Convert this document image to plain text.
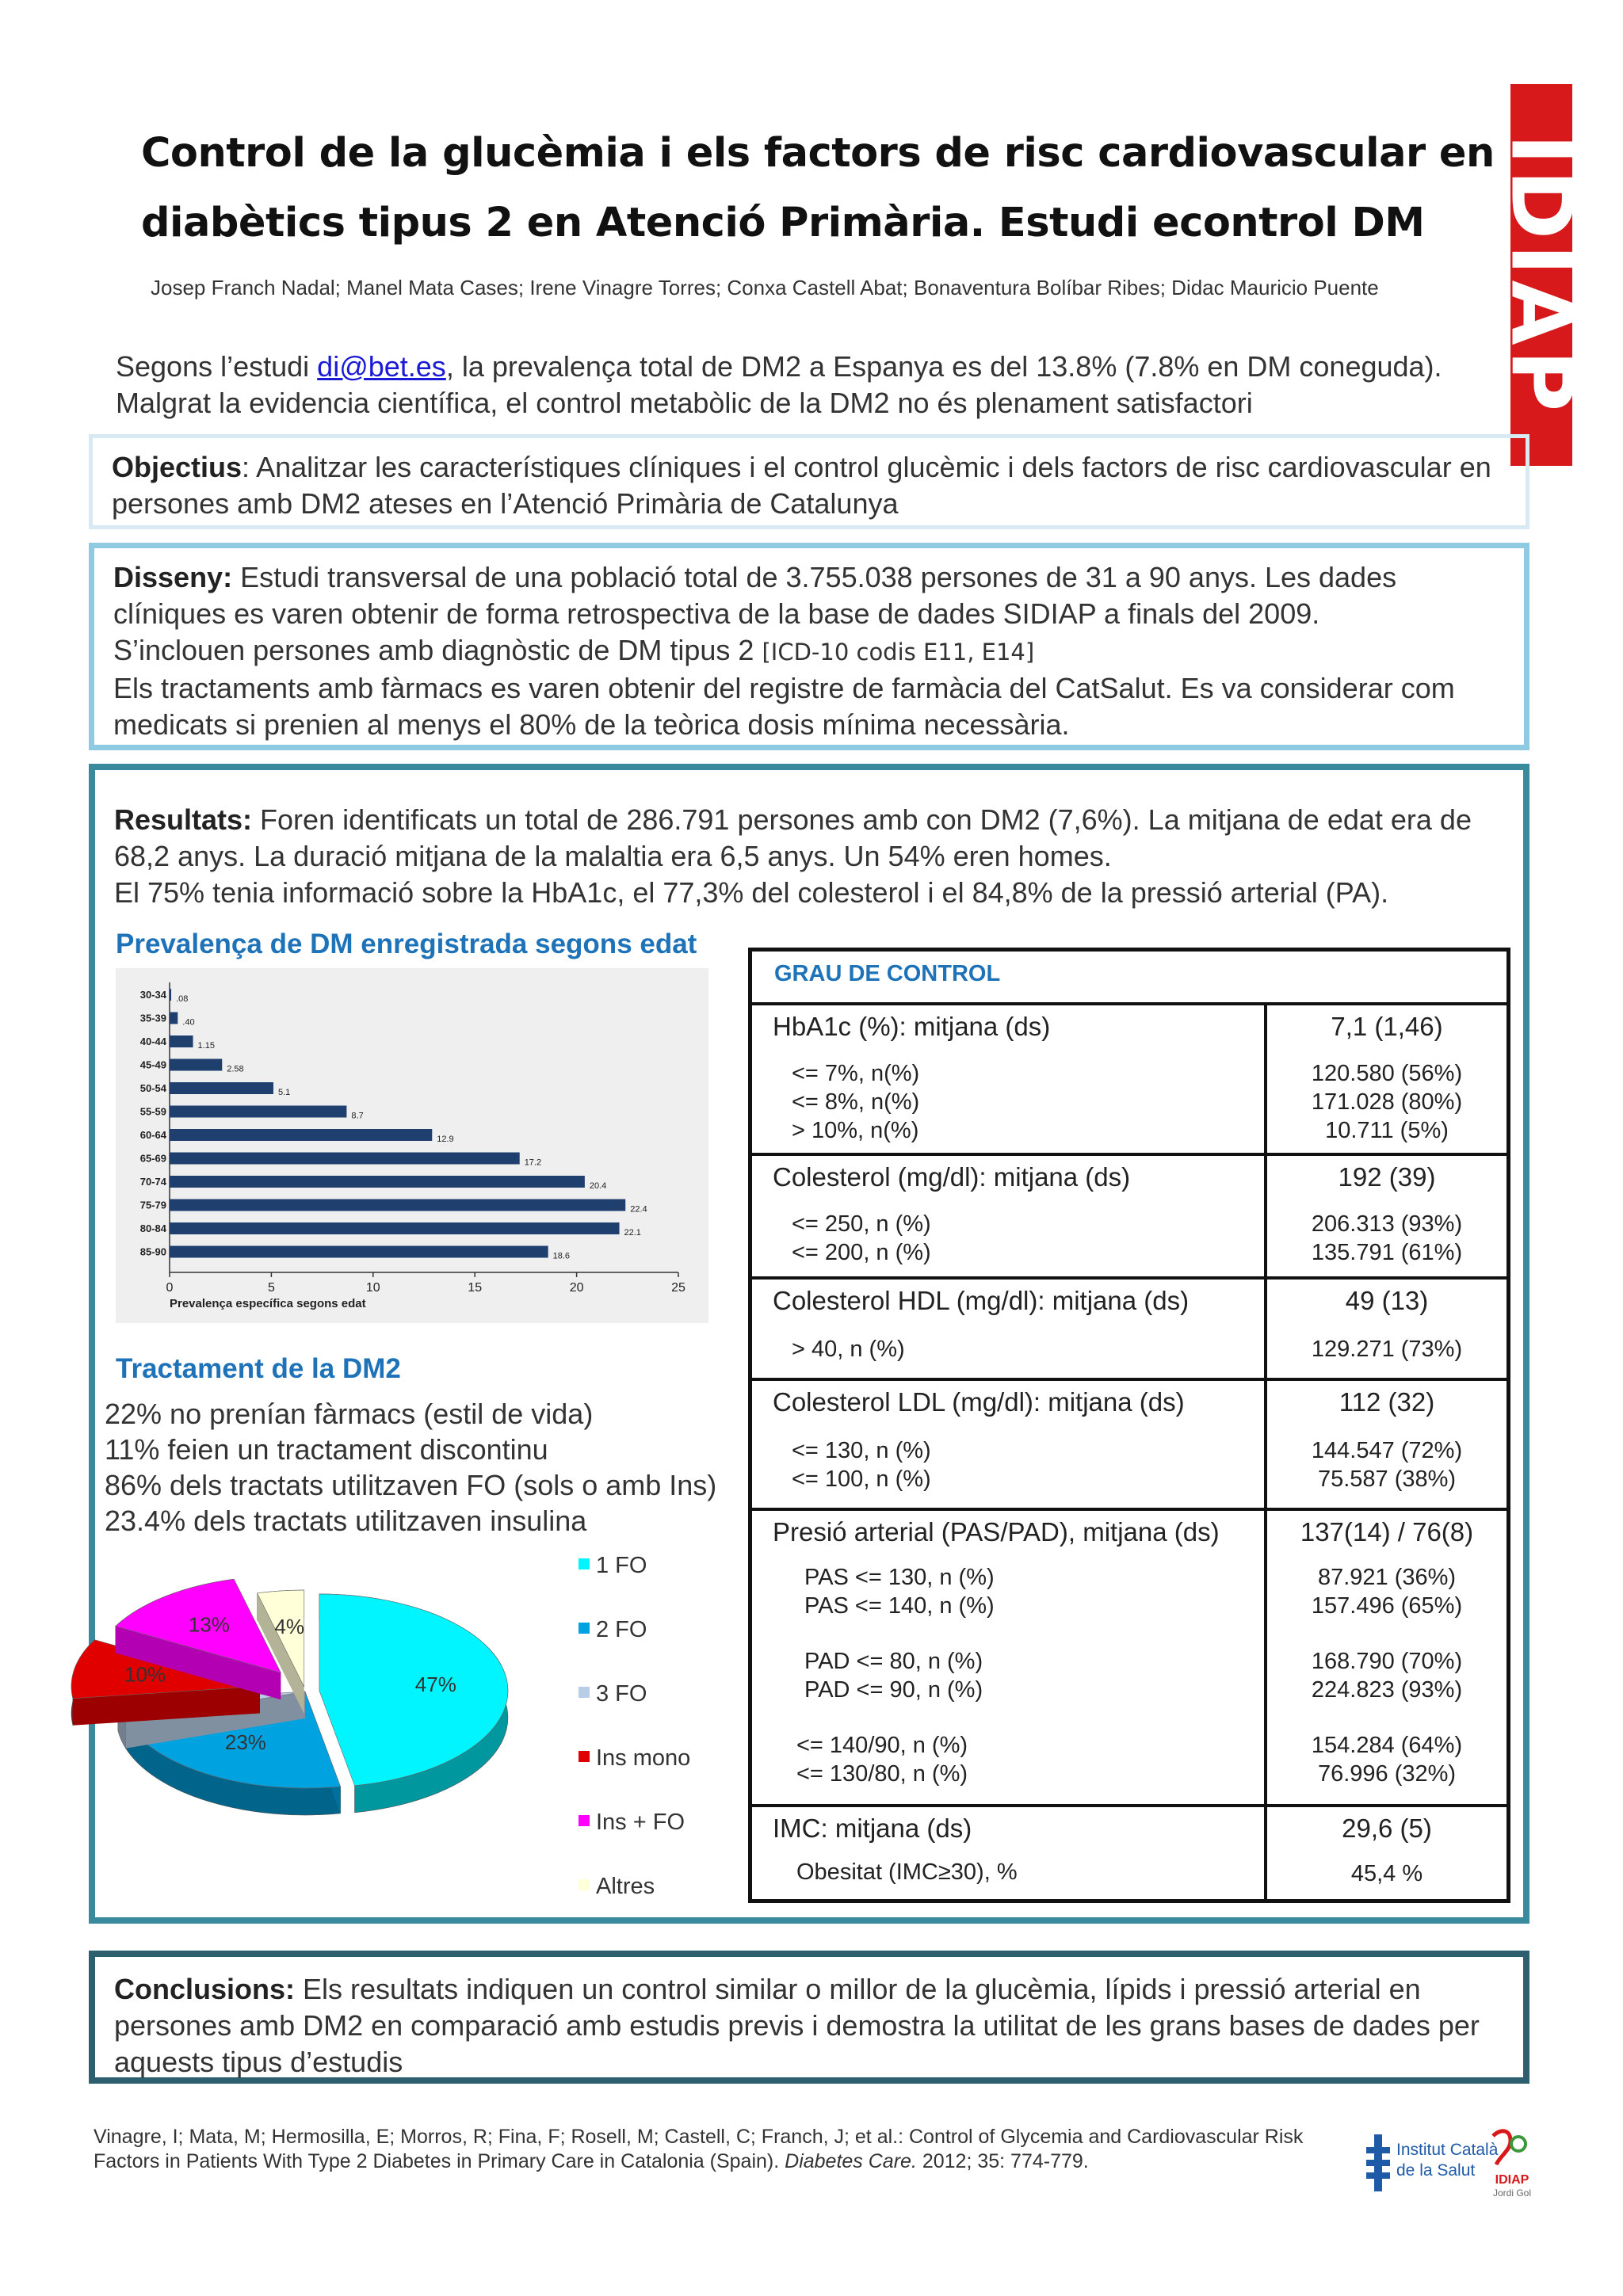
Control de la glucèmia i els factors de risc cardiovascular en
diabètics tipus 2 en Atenció Primària. Estudi econtrol DM
Josep Franch Nadal; Manel Mata Cases; Irene Vinagre Torres; Conxa Castell Abat; Bonaventura Bolíbar Ribes; Didac Mauricio Puente	IDIAP
Segons l’estudi di@bet.es, la prevalença total de DM2 a Espanya es del 13.8% (7.8% en DM coneguda).
Malgrat la evidencia científica, el control metabòlic de la DM2 no és plenament satisfactori
Objectius: Analitzar les característiques clíniques i el control glucèmic i dels factors de risc cardiovascular en persones amb DM2 ateses en l’Atenció Primària de Catalunya
Disseny: Estudi transversal de una població total de 3.755.038 persones de 31 a 90 anys. Les dades clíniques es varen obtenir de forma retrospectiva de la base de dades SIDIAP a finals del 2009.
S’inclouen persones amb diagnòstic de DM tipus 2 [ICD-10 codis E11, E14]
Els tractaments amb fàrmacs es varen obtenir del registre de farmàcia del CatSalut. Es va considerar com medicats si prenien al menys el 80% de la teòrica dosis mínima necessària.
Resultats: Foren identificats un total de 286.791 persones amb con DM2 (7,6%). La mitjana de edat era de 68,2 anys. La duració mitjana de la malaltia era 6,5 anys. Un 54% eren homes.
El 75% tenia informació sobre la HbA1c, el 77,3% del colesterol i el 84,8% de la pressió arterial (PA).
Prevalença de DM enregistrada segons edat
30-34 .08
35-39 .40
40-44	1.15
45-49	2.58
50-54	5.1
55-59	8.7
60-64	12.9
65-69	17.2
70-74	20.4
75-79	22.4
80-84	22.1
85-90	18.6
0	5	10	15	20	25
Prevalença específica segons edat
Tractament de la DM2
22% no prenían fàrmacs (estil de vida)
11% feien un tractament discontinu
86% dels tractats utilitzaven FO (sols o amb Ins)
23.4% dels tractats utilitzaven insulina
47%
23%
10%
13% 4%
1 FO
2 FO
3 FO
Ins mono
Ins + FO
Altres
GRAU DE CONTROL
HbA1c (%): mitjana (ds)	7,1 (1,46)
<= 7%, n(%)	120.580 (56%)
<= 8%, n(%)	171.028 (80%)
> 10%, n(%)	10.711 (5%)
Colesterol (mg/dl): mitjana (ds)	192 (39)
<= 250, n (%)	206.313 (93%)
<= 200, n (%)	135.791 (61%)
Colesterol HDL (mg/dl): mitjana (ds)	49 (13)
> 40, n (%)	129.271 (73%)
Colesterol LDL (mg/dl): mitjana (ds)	112 (32)
<= 130, n (%)	144.547 (72%)
<= 100, n (%)	75.587 (38%)
Presió arterial (PAS/PAD), mitjana (ds)	137(14) / 76(8)
PAS <= 130, n (%)	87.921 (36%)
PAS <= 140, n (%)	157.496 (65%)
PAD <= 80, n (%)	168.790 (70%)
PAD <= 90, n (%)	224.823 (93%)
<= 140/90, n (%)	154.284 (64%)
<= 130/80, n (%)	76.996 (32%)
IMC: mitjana (ds)	29,6 (5)
Obesitat (IMC≥30), %	45,4 %
Conclusions: Els resultats indiquen un control similar o millor de la glucèmia, lípids i pressió arterial en persones amb DM2 en comparació amb estudis previs i demostra la utilitat de les grans bases de dades per aquests tipus d’estudis
Vinagre, I; Mata, M; Hermosilla, E; Morros, R; Fina, F; Rosell, M; Castell, C; Franch, J; et al.: Control of Glycemia and Cardiovascular Risk Factors in Patients With Type 2 Diabetes in Primary Care in Catalonia (Spain). Diabetes Care. 2012; 35: 774-779.
Institut Català
de la Salut
IDIAP
Jordi Gol
